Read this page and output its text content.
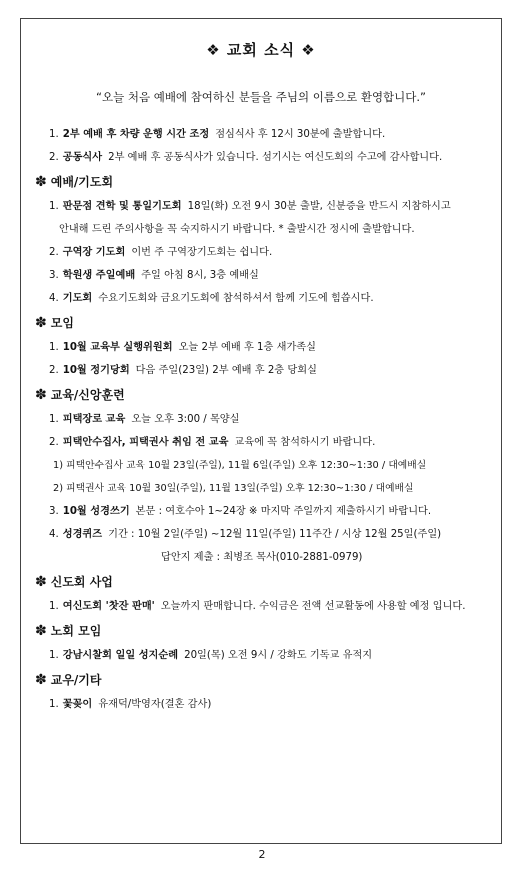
❖ 교회 소식 ❖
“오늘 처음 예배에 참여하신 분들을 주님의 이름으로 환영합니다.”
1. 2부 예배 후 차량 운행 시간 조정 점심식사 후 12시 30분에 출발합니다.
2. 공동식사 2부 예배 후 공동식사가 있습니다. 섬기시는 여신도회의 수고에 감사합니다.
✽ 예배/기도회
1. 판문점 견학 및 통일기도회 18일(화) 오전 9시 30분 출발, 신분증을 반드시 지참하시고
안내해 드린 주의사항을 꼭 숙지하시기 바랍니다. * 출발시간 정시에 출발합니다.
2. 구역장 기도회 이번 주 구역장기도회는 쉽니다.
3. 학원생 주일예배 주일 아침 8시, 3층 예배실
4. 기도회 수요기도회와 금요기도회에 참석하셔서 함께 기도에 힘씁시다.
✽ 모임
1. 10월 교육부 실행위원회 오늘 2부 예배 후 1층 새가족실
2. 10월 정기당회 다음 주일(23일) 2부 예배 후 2층 당회실
✽ 교육/신앙훈련
1. 피택장로 교육 오늘 오후 3:00 / 목양실
2. 피택안수집사, 피택권사 취임 전 교육 교육에 꼭 참석하시기 바랍니다.
1) 피택안수집사 교육 10월 23일(주일), 11월 6일(주일) 오후 12:30~1:30 / 대예배실
2) 피택권사 교육 10월 30일(주일), 11월 13일(주일) 오후 12:30~1:30 / 대예배실
3. 10월 성경쓰기 본문 : 여호수아 1~24장 ※ 마지막 주일까지 제출하시기 바랍니다.
4. 성경퀴즈 기간 : 10월 2일(주일) ~12월 11일(주일) 11주간 / 시상 12월 25일(주일)
답안지 제출 : 최병조 목사(010-2881-0979)
✽ 신도회 사업
1. 여신도회 '찻잔 판매' 오늘까지 판매합니다. 수익금은 전액 선교활동에 사용할 예정 입니다.
✽ 노회 모임
1. 강남시찰회 일일 성지순례 20일(목) 오전 9시 / 강화도 기독교 유적지
✽ 교우/기타
1. 꽃꽂이 유재덕/박영자(결혼 감사)
2
